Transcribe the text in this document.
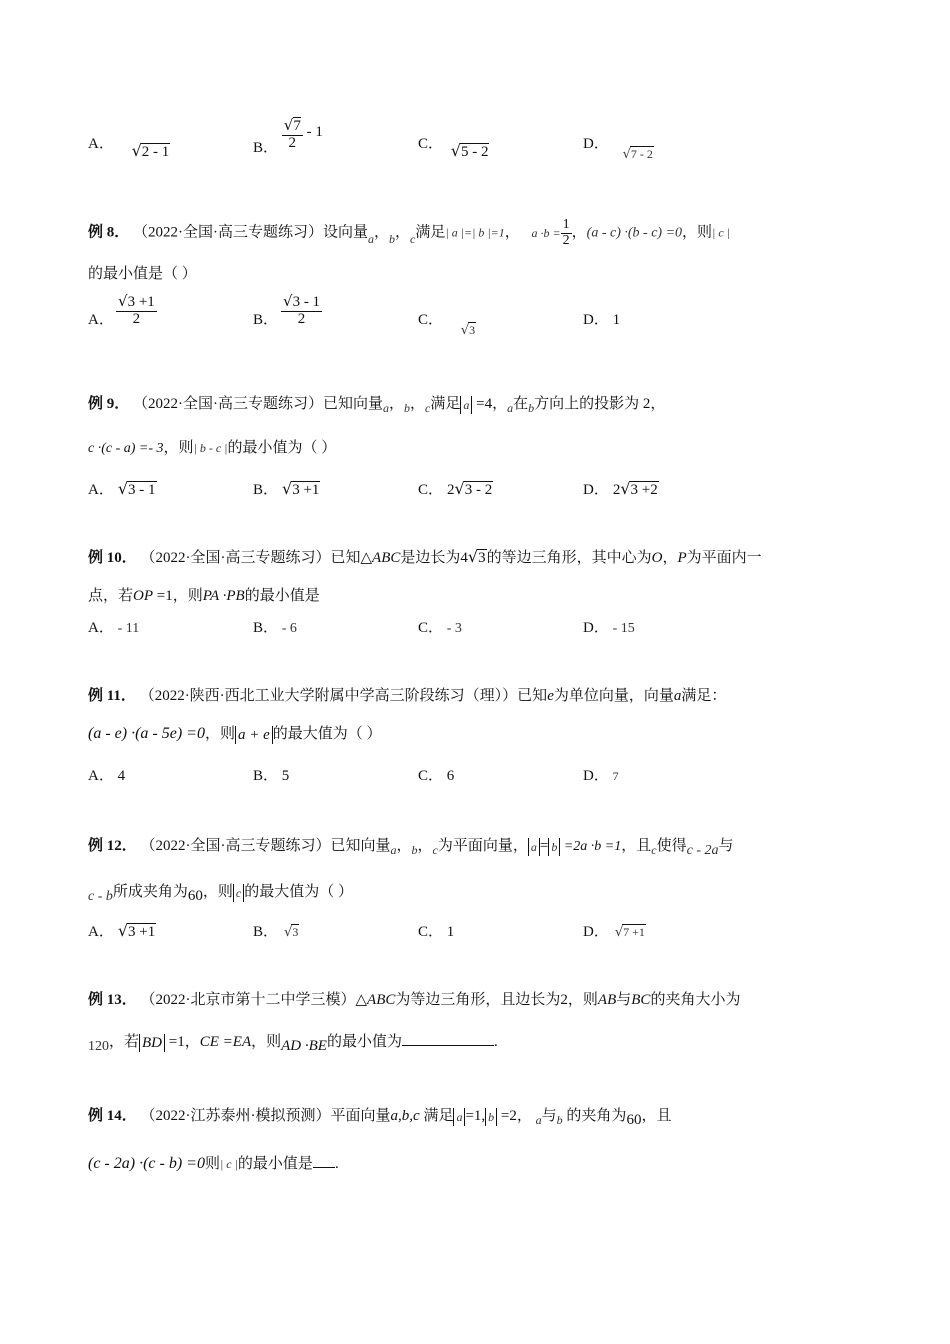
A． √2 - 1	B． $\frac{√7}{2} - 1$
C． √5 - 2	D． √7 - 2
例 8． （2022·全国·高三专题练习）设向量$_a$，$_b$，$_c$满足| a |=| b |=1， $a \cdot b = \frac{1}{2}$ ，(a - c) ·(b - c) =0，则| c |
的最小值是（ ）
A． $\frac{√3 +1}{2}$	B． $\frac{√3 - 1}{2}$	C． √3
D． 1
例 9． （2022·全国·高三专题练习）已知向量$_a$，$_b$，$_c$满足 a =4，$_a$在$_b$方向上的投影为 2，
c ·(c - a) =- 3，则| b - c |的最小值为（ ）
A． √3 - 1	B． √3 +1	C． 2√3 - 2	D． 2√3 +2
例 10． （2022·全国·高三专题练习）已知△ABC是边长为4√3的等边三角形，其中心为O，P为平面内一
点，若OP =1，则PA ·PB的最小值是
A． - 11	B． - 6	C． - 3	D． - 15
例 11． （2022·陕西·西北工业大学附属中学高三阶段练习（理））已知e为单位向量，向量a满足：
(a - e) ·(a - 5e) =0，则 a + e 的最大值为（ ）
A． 4	B． 5	C． 6	D． 7
例 12． （2022·全国·高三专题练习）已知向量$_a$，$_b$，$_c$为平面向量， a = b =2a ·b =1，且$_c$使得c - 2a与
c - b所成夹角为60，则 c 的最大值为（ ）
A． √3 +1	B． √3	C． 1	D． √7 +1
例 13． （2022·北京市第十二中学三模）△ABC为等边三角形，且边长为2，则AB与BC的夹角大小为
120，若 BD =1，CE =EA，则AD ·BE的最小值为	.
例 14． （2022·江苏泰州·模拟预测）平面向量a,b,c 满足 a =1, b =2， $_a$与$_b$ 的夹角为60，且
(c - 2a) ·(c - b) =0则| c |的最小值是 .
